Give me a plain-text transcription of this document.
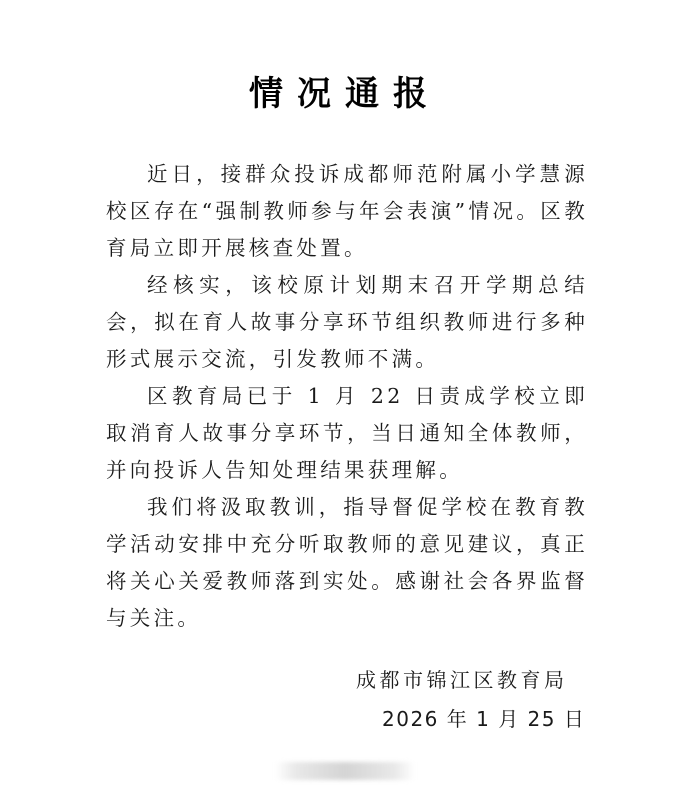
情况通报

近日，接群众投诉成都师范附属小学慧源校区存在“强制教师参与年会表演”情况。区教育局立即开展核查处置。

经核实，该校原计划期末召开学期总结会，拟在育人故事分享环节组织教师进行多种形式展示交流，引发教师不满。

区教育局已于 1 月 22 日责成学校立即取消育人故事分享环节，当日通知全体教师，并向投诉人告知处理结果获理解。

我们将汲取教训，指导督促学校在教育教学活动安排中充分听取教师的意见建议，真正将关心关爱教师落到实处。感谢社会各界监督与关注。

成都市锦江区教育局
2026 年 1 月 25 日
